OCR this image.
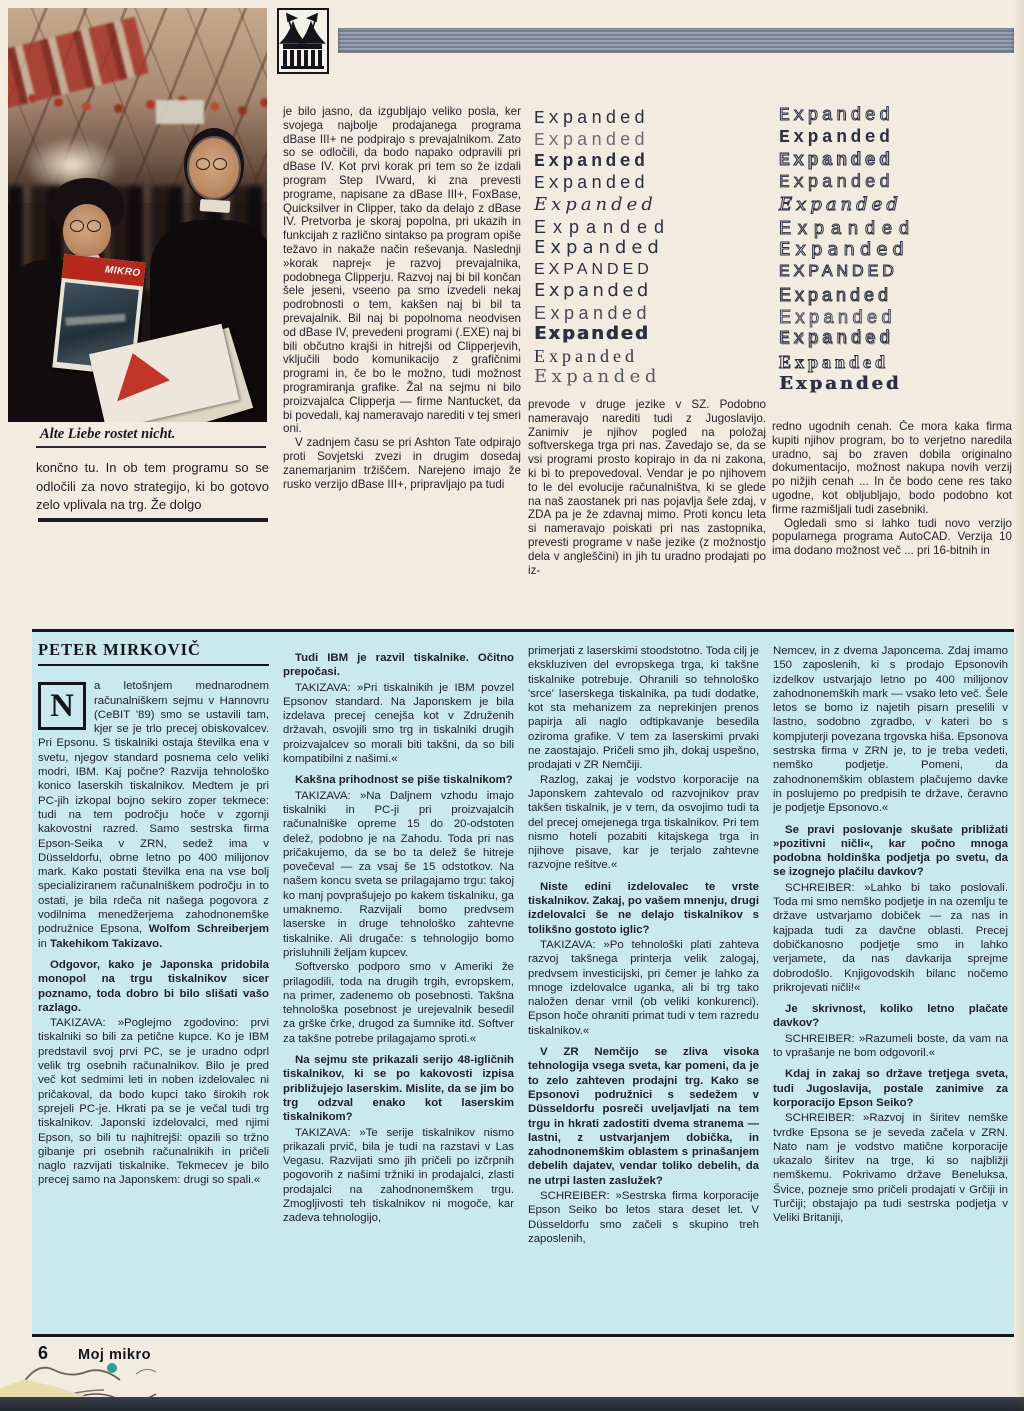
MIKRO
Alte Liebe rostet nicht.
končno tu. In ob tem programu so se odločili za novo strategijo, ki bo gotovo zelo vplivala na trg. Že dolgo

je bilo jasno, da izgubljajo veliko posla, ker svojega najbolje prodajanega programa dBase III+ ne podpirajo s prevajalnikom. Zato so se odločili, da bodo napako odpravili pri dBase IV. Kot prvi korak pri tem so že izdali program Step IVward, ki zna prevesti programe, napisane za dBase III+, FoxBase, Quicksilver in Clipper, tako da delajo z dBase IV. Pretvorba je skoraj popolna, pri ukazih in funkcijah z različno sintakso pa program opiše težavo in nakaže način reševanja. Naslednji »korak naprej« je razvoj prevajalnika, podobnega Clipperju. Razvoj naj bi bil končan šele jeseni, vseeno pa smo izvedeli nekaj podrobnosti o tem, kakšen naj bi bil ta prevajalnik. Bil naj bi popolnoma neodvisen od dBase IV, prevedeni programi (.EXE) naj bi bili občutno krajši in hitrejši od Clipperjevih, vključili bodo komunikacijo z grafičnimi programi in, če bo le možno, tudi možnost programiranja grafike. Žal na sejmu ni bilo proizvajalca Clipperja — firme Nantucket, da bi povedali, kaj nameravajo narediti v tej smeri oni.

V zadnjem času se pri Ashton Tate odpirajo proti Sovjetski zvezi in drugim dosedaj zanemarjanim tržiščem. Narejeno imajo že rusko verzijo dBase III+, pripravljajo pa tudi

prevode v druge jezike v SZ. Podobno nameravajo narediti tudi z Jugoslavijo. Zanimiv je njihov pogled na položaj softverskega trga pri nas. Zavedajo se, da se vsi programi prosto kopirajo in da ni zakona, ki bi to prepovedoval. Vendar je po njihovem to le del evolucije računalništva, ki se glede na naš zaostanek pri nas pojavlja šele zdaj, v ZDA pa je že zdavnaj mimo. Proti koncu leta si nameravajo poiskati pri nas zastopnika, prevesti programe v naše jezike (z možnostjo dela v angleščini) in jih tu uradno prodajati po iz-

redno ugodnih cenah. Če mora kaka firma kupiti njihov program, bo to verjetno naredila uradno, saj bo zraven dobila originalno dokumentacijo, možnost nakupa novih verzij po nižjih cenah ... In če bodo cene res tako ugodne, kot obljubljajo, bodo podobno kot firme razmišljali tudi zasebniki.

Ogledali smo si lahko tudi novo verzijo popularnega programa AutoCAD. Verzija 10 ima dodano možnost več ... pri 16-bitnih in

Expanded
Expanded
Expanded
Expanded
Expanded
Expanded
Expanded
EXPANDED
Expanded
Expanded
Expanded
Expanded
Expanded
Expanded
Expanded
Expanded
Expanded
Expanded
Expanded
Expanded
EXPANDED
Expanded
Expanded
Expanded
Expanded
Expanded
PETER MIRKOVIČ
N

a letošnjem mednarodnem računalniškem sejmu v Hannovru (CeBIT '89) smo se ustavili tam, kjer se je trlo precej obiskovalcev. Pri Epsonu. S tiskalniki ostaja številka ena v svetu, njegov standard posnema celo veliki modri, IBM. Kaj počne? Razvija tehnološko konico laserskih tiskalnikov. Medtem je pri PC-jih izkopal bojno sekiro zoper tekmece: tudi na tem področju hoče v zgornji kakovostni razred. Samo sestrska firma Epson-Seika v ZRN, sedež ima v Düsseldorfu, obrne letno po 400 milijonov mark. Kako postati številka ena na vse bolj specializiranem računalniškem področju in to ostati, je bila rdeča nit našega pogovora z vodilnima menedžerjema zahodnonemške podružnice Epsona, Wolfom Schreiberjem in Takehikom Takizavo.

Odgovor, kako je Japonska pridobila monopol na trgu tiskalnikov sicer poznamo, toda dobro bi bilo slišati vašo razlago.

TAKIZAVA: »Poglejmo zgodovino: prvi tiskalniki so bili za petične kupce. Ko je IBM predstavil svoj prvi PC, se je uradno odprl velik trg osebnih računalnikov. Bilo je pred več kot sedmimi leti in noben izdelovalec ni pričakoval, da bodo kupci tako širokih rok sprejeli PC-je. Hkrati pa se je večal tudi trg tiskalnikov. Japonski izdelovalci, med njimi Epson, so bili tu najhitrejši: opazili so tržno gibanje pri osebnih računalnikih in pričeli naglo razvijati tiskalnike. Tekmecev je bilo precej samo na Japonskem: drugi so spali.«

Tudi IBM je razvil tiskalnike. Očitno prepočasi.

TAKIZAVA: »Pri tiskalnikih je IBM povzel Epsonov standard. Na Japonskem je bila izdelava precej cenejša kot v Združenih državah, osvojili smo trg in tiskalniki drugih proizvajalcev so morali biti takšni, da so bili kompatibilni z našimi.«

Kakšna prihodnost se piše tiskalnikom?

TAKIZAVA: »Na Daljnem vzhodu imajo tiskalniki in PC-ji pri proizvajalcih računalniške opreme 15 do 20-odstoten delež, podobno je na Zahodu. Toda pri nas pričakujemo, da se bo ta delež še hitreje povečeval — za vsaj še 15 odstotkov. Na našem koncu sveta se prilagajamo trgu: takoj ko manj povprašujejo po kakem tiskalniku, ga umaknemo. Razvijali bomo predvsem laserske in druge tehnološko zahtevne tiskalnike. Ali drugače: s tehnologijo bomo prisluhnili željam kupcev.

Softversko podporo smo v Ameriki že prilagodili, toda na drugih trgih, evropskem, na primer, zadenemo ob posebnosti. Takšna tehnološka posebnost je urejevalnik besedil za grške črke, drugod za šumnike itd. Softver za takšne potrebe prilagajamo sproti.«

Na sejmu ste prikazali serijo 48-igličnih tiskalnikov, ki se po kakovosti izpisa približujejo laserskim. Mislite, da se jim bo trg odzval enako kot laserskim tiskalnikom?

TAKIZAVA: »Te serije tiskalnikov nismo prikazali prvič, bila je tudi na razstavi v Las Vegasu. Razvijati smo jih pričeli po izčrpnih pogovorih z našimi tržniki in prodajalci, zlasti prodajalci na zahodnonemškem trgu. Zmogljivosti teh tiskalnikov ni mogoče, kar zadeva tehnologijo,

primerjati z laserskimi stoodstotno. Toda cilj je ekskluziven del evropskega trga, ki takšne tiskalnike potrebuje. Ohranili so tehnološko 'srce' laserskega tiskalnika, pa tudi dodatke, kot sta mehanizem za neprekinjen prenos papirja ali naglo odtipkavanje besedila oziroma grafike. V tem za laserskimi prvaki ne zaostajajo. Pričeli smo jih, dokaj uspešno, prodajati v ZR Nemčiji.

Razlog, zakaj je vodstvo korporacije na Japonskem zahtevalo od razvojnikov prav takšen tiskalnik, je v tem, da osvojimo tudi ta del precej omejenega trga tiskalnikov. Pri tem nismo hoteli pozabiti kitajskega trga in njihove pisave, kar je terjalo zahtevne razvojne rešitve.«

Niste edini izdelovalec te vrste tiskalnikov. Zakaj, po vašem mnenju, drugi izdelovalci še ne delajo tiskalnikov s tolikšno gostoto iglic?

TAKIZAVA: »Po tehnološki plati zahteva razvoj takšnega printerja velik zalogaj, predvsem investicijski, pri čemer je lahko za mnoge izdelovalce uganka, ali bi trg tako naložen denar vrnil (ob veliki konkurenci). Epson hoče ohraniti primat tudi v tem razredu tiskalnikov.«

V ZR Nemčijo se zliva visoka tehnologija vsega sveta, kar pomeni, da je to zelo zahteven prodajni trg. Kako se Epsonovi podružnici s sedežem v Düsseldorfu posreči uveljavljati na tem trgu in hkrati zadostiti dvema stranema — lastni, z ustvarjanjem dobička, in zahodnonemškim oblastem s prinašanjem debelih dajatev, vendar toliko debelih, da ne utrpi lasten zaslužek?

SCHREIBER: »Sestrska firma korporacije Epson Seiko bo letos stara deset let. V Düsseldorfu smo začeli s skupino treh zaposlenih,

Nemcev, in z dvema Japoncema. Zdaj imamo 150 zaposlenih, ki s prodajo Epsonovih izdelkov ustvarjajo letno po 400 milijonov zahodnonemških mark — vsako leto več. Šele letos se bomo iz najetih pisarn preselili v lastno, sodobno zgradbo, v kateri bo s kompjuterji povezana trgovska hiša. Epsonova sestrska firma v ZRN je, to je treba vedeti, nemško podjetje. Pomeni, da zahodnonemškim oblastem plačujemo davke in poslujemo po predpisih te države, čeravno je podjetje Epsonovo.«

Se pravi poslovanje skušate približati »pozitivni ničli«, kar počno mnoga podobna holdinška podjetja po svetu, da se izognejo plačilu davkov?

SCHREIBER: »Lahko bi tako poslovali. Toda mi smo nemško podjetje in na ozemlju te države ustvarjamo dobiček — za nas in kajpada tudi za davčne oblasti. Precej dobičkanosno podjetje smo in lahko verjamete, da nas davkarija sprejme dobrodošlo. Knjigovodskih bilanc nočemo prikrojevati ničli!«

Je skrivnost, koliko letno plačate davkov?

SCHREIBER: »Razumeli boste, da vam na to vprašanje ne bom odgovoril.«

Kdaj in zakaj so države tretjega sveta, tudi Jugoslavija, postale zanimive za korporacijo Epson Seiko?

SCHREIBER: »Razvoj in širitev nemške tvrdke Epsona se je seveda začela v ZRN. Nato nam je vodstvo matične korporacije ukazalo širitev na trge, ki so najbližji nemškemu. Pokrivamo države Beneluksa, Švice, pozneje smo pričeli prodajati v Grčiji in Turčiji; obstajajo pa tudi sestrska podjetja v Veliki Britaniji,

6 Moj mikro
